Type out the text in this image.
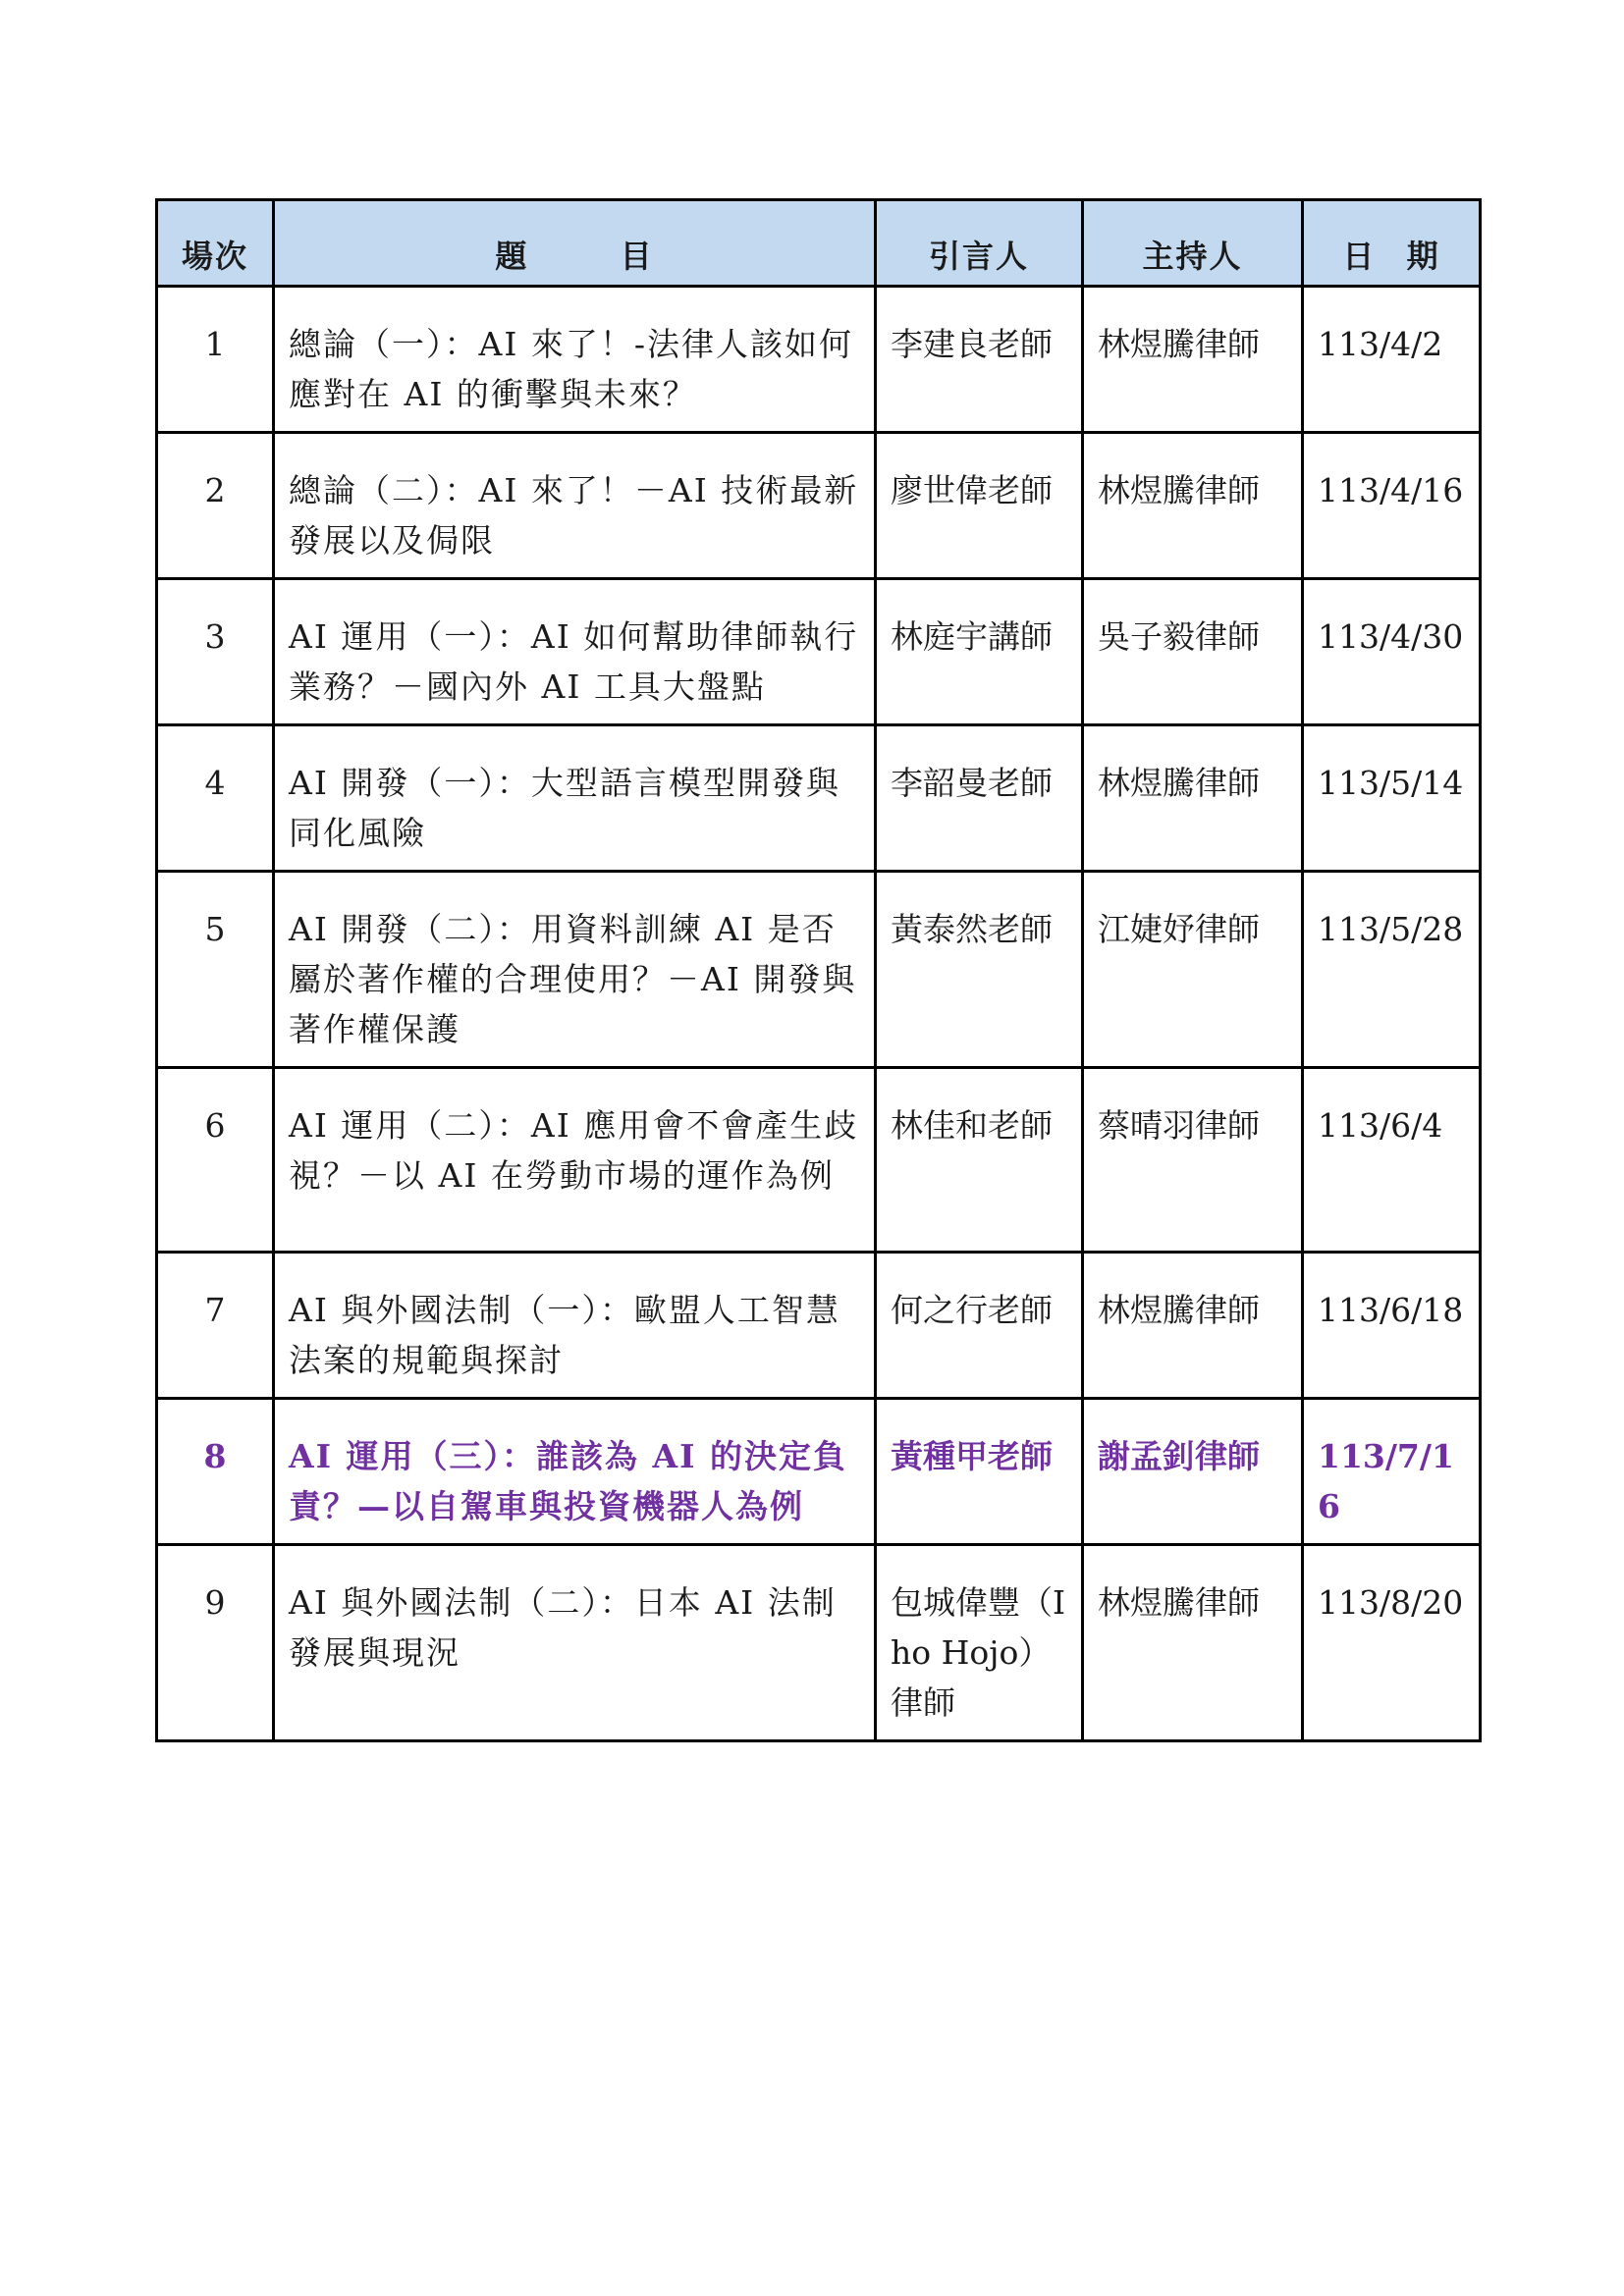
場次	題 目	引言人	主持人	日 期
1	總論（一）：AI 來了！-法律人該如何應對在 AI 的衝擊與未來？	李建良老師	林煜騰律師	113/4/2
2	總論（二）：AI 來了！－AI 技術最新發展以及侷限	廖世偉老師	林煜騰律師	113/4/16
3	AI 運用（一）：AI 如何幫助律師執行業務？－國內外 AI 工具大盤點	林庭宇講師	吳子毅律師	113/4/30
4	AI 開發（一）：大型語言模型開發與同化風險	李韶曼老師	林煜騰律師	113/5/14
5	AI 開發（二）：用資料訓練 AI 是否屬於著作權的合理使用？－AI 開發與著作權保護	黃泰然老師	江婕妤律師	113/5/28
6	AI 運用（二）：AI 應用會不會產生歧視？－以 AI 在勞動市場的運作為例	林佳和老師	蔡晴羽律師	113/6/4
7	AI 與外國法制（一）：歐盟人工智慧法案的規範與探討	何之行老師	林煜騰律師	113/6/18
8	AI 運用（三）：誰該為 AI 的決定負責？—以自駕車與投資機器人為例	黃種甲老師	謝孟釗律師	113/7/16
9	AI 與外國法制（二）：日本 AI 法制發展與現況	包城偉豐（Iho Hojo）律師	林煜騰律師	113/8/20
